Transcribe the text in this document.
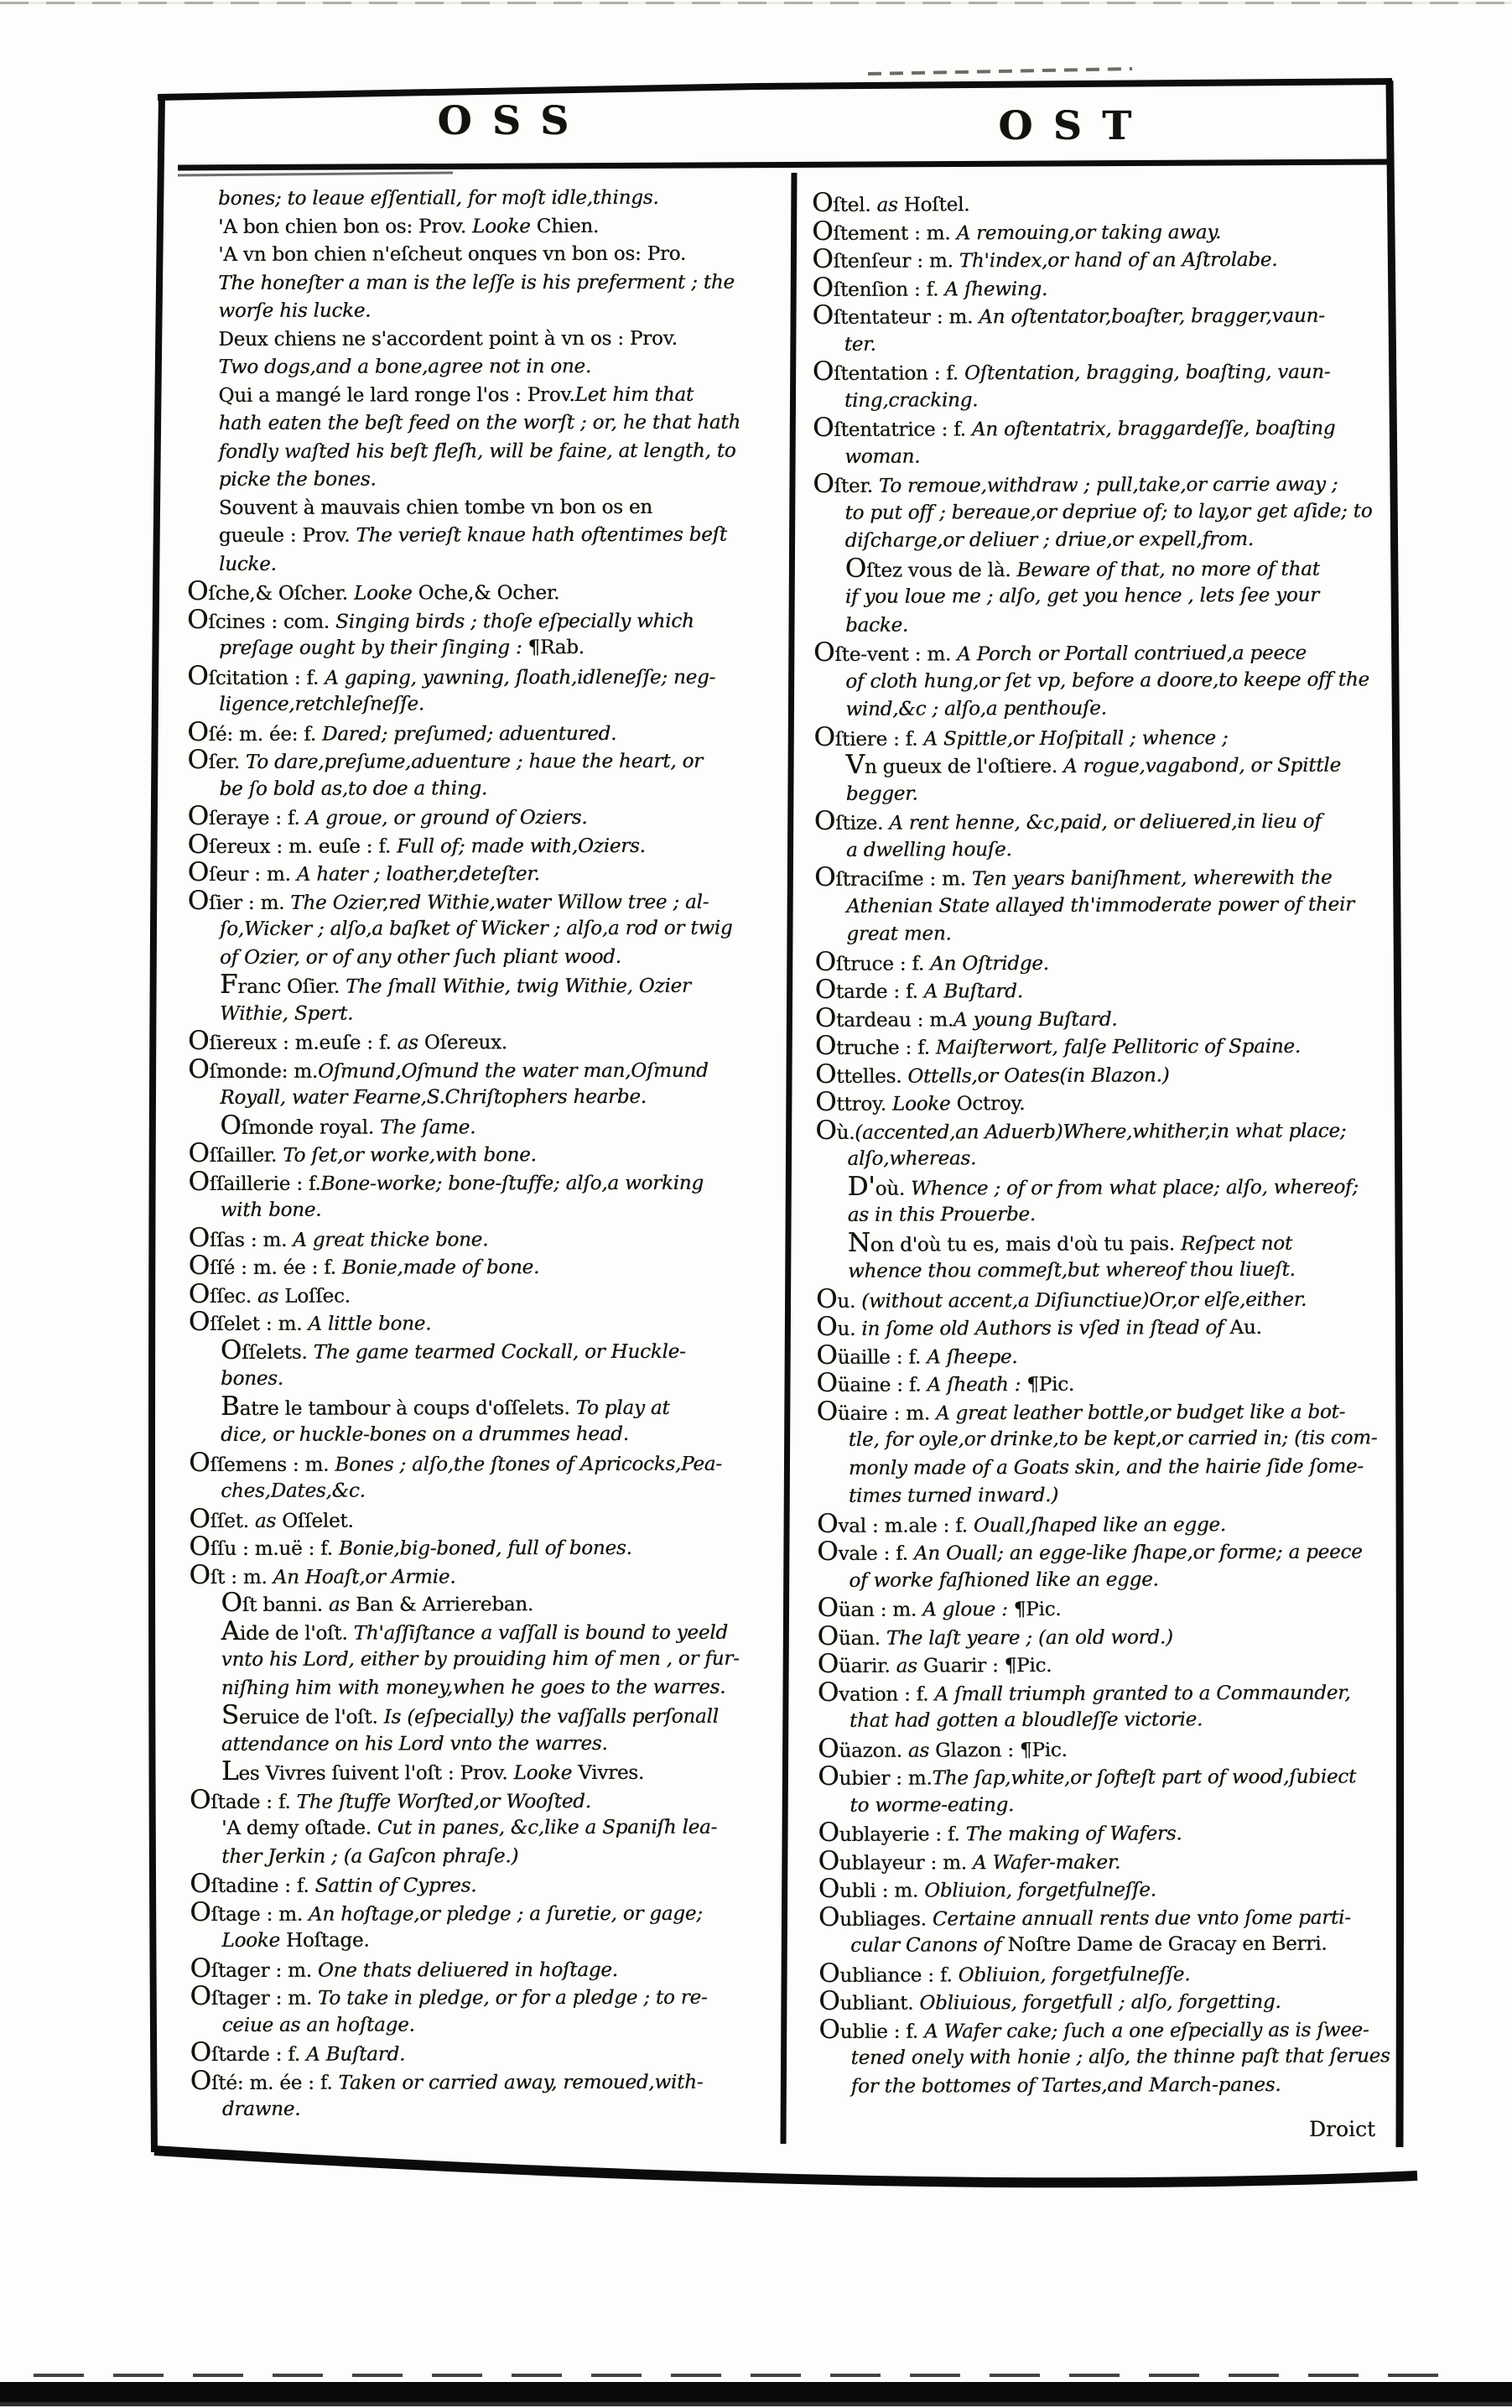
OSS	OST
bones; to leaue eſſentiall, for moſt idle,things.
'A bon chien bon os: Prov. Looke Chien.
'A vn bon chien n'eſcheut onques vn bon os: Pro.
The honeſter a man is the leſſe is his preferment ; the
worſe his lucke.
Deux chiens ne s'accordent point à vn os : Prov.
Two dogs,and a bone,agree not in one.
Qui a mangé le lard ronge l'os : Prov.Let him that
hath eaten the beſt feed on the worſt ; or, he that hath
fondly waſted his beſt fleſh, will be faine, at length, to
picke the bones.
Souvent à mauvais chien tombe vn bon os en
gueule : Prov. The verieſt knaue hath oftentimes beſt
lucke.
Oſche,& Oſcher. Looke Oche,& Ocher.
Oſcines : com. Singing birds ; thoſe eſpecially which
preſage ought by their ſinging : ¶Rab.
Oſcitation : f. A gaping, yawning, ſloath,idleneſſe; neg-
ligence,retchleſneſſe.
Oſé: m. ée: f. Dared; preſumed; aduentured.
Oſer. To dare,preſume,aduenture ; haue the heart, or
be ſo bold as,to doe a thing.
Oſeraye : f. A groue, or ground of Oziers.
Oſereux : m. euſe : f. Full of; made with,Oziers.
Oſeur : m. A hater ; loather,deteſter.
Oſier : m. The Ozier,red Withie,water Willow tree ; al-
ſo,Wicker ; alſo,a baſket of Wicker ; alſo,a rod or twig
of Ozier, or of any other ſuch pliant wood.
Franc Oſier. The ſmall Withie, twig Withie, Ozier
Withie, Spert.
Oſiereux : m.euſe : f. as Oſereux.
Oſmonde: m.Oſmund,Oſmund the water man,Oſmund
Royall, water Fearne,S.Chriſtophers hearbe.
Oſmonde royal. The ſame.
Oſſailler. To ſet,or worke,with bone.
Oſſaillerie : f.Bone-worke; bone-ſtuffe; alſo,a working
with bone.
Oſſas : m. A great thicke bone.
Oſſé : m. ée : f. Bonie,made of bone.
Oſſec. as Loſſec.
Oſſelet : m. A little bone.
Oſſelets. The game tearmed Cockall, or Huckle-
bones.
Batre le tambour à coups d'oſſelets. To play at
dice, or huckle-bones on a drummes head.
Oſſemens : m. Bones ; alſo,the ſtones of Apricocks,Pea-
ches,Dates,&c.
Oſſet. as Oſſelet.
Oſſu : m.uë : f. Bonie,big-boned, full of bones.
Oſt : m. An Hoaſt,or Armie.
Oſt banni. as Ban & Arriereban.
Aide de l'oſt. Th'aſſiſtance a vaſſall is bound to yeeld
vnto his Lord, either by prouiding him of men , or fur-
niſhing him with money,when he goes to the warres.
Seruice de l'oſt. Is (eſpecially) the vaſſalls perſonall
attendance on his Lord vnto the warres.
Les Vivres ſuivent l'oſt : Prov. Looke Vivres.
Oſtade : f. The ſtuffe Worſted,or Wooſted.
'A demy oſtade. Cut in panes, &c,like a Spaniſh lea-
ther Jerkin ; (a Gaſcon phraſe.)
Oſtadine : f. Sattin of Cypres.
Oſtage : m. An hoſtage,or pledge ; a ſuretie, or gage;
Looke Hoſtage.
Oſtager : m. One thats deliuered in hoſtage.
Oſtager : m. To take in pledge, or for a pledge ; to re-
ceiue as an hoſtage.
Oſtarde : f. A Buſtard.
Oſté: m. ée : f. Taken or carried away, remoued,with-
drawne.
Oſtel. as Hoſtel.
Oſtement : m. A remouing,or taking away.
Oſtenſeur : m. Th'index,or hand of an Aſtrolabe.
Oſtenſion : f. A ſhewing.
Oſtentateur : m. An oſtentator,boaſter, bragger,vaun-
ter.
Oſtentation : f. Oſtentation, bragging, boaſting, vaun-
ting,cracking.
Oſtentatrice : f. An oſtentatrix, braggardeſſe, boaſting
woman.
Oſter. To remoue,withdraw ; pull,take,or carrie away ;
to put off ; bereaue,or depriue of; to lay,or get aſide; to
diſcharge,or deliuer ; driue,or expell,from.
Oſtez vous de là. Beware of that, no more of that
if you loue me ; alſo, get you hence , lets ſee your
backe.
Oſte-vent : m. A Porch or Portall contriued,a peece
of cloth hung,or ſet vp, before a doore,to keepe off the
wind,&c ; alſo,a penthouſe.
Oſtiere : f. A Spittle,or Hoſpitall ; whence ;
Vn gueux de l'oſtiere. A rogue,vagabond, or Spittle
begger.
Oſtize. A rent henne, &c,paid, or deliuered,in lieu of
a dwelling houſe.
Oſtraciſme : m. Ten years baniſhment, wherewith the
Athenian State allayed th'immoderate power of their
great men.
Oſtruce : f. An Oſtridge.
Otarde : f. A Buſtard.
Otardeau : m.A young Buſtard.
Otruche : f. Maiſterwort, falſe Pellitoric of Spaine.
Ottelles. Ottells,or Oates(in Blazon.)
Ottroy. Looke Octroy.
Où.(accented,an Aduerb)Where,whither,in what place;
alſo,whereas.
D'où. Whence ; of or from what place; alſo, whereof;
as in this Prouerbe.
Non d'où tu es, mais d'où tu pais. Reſpect not
whence thou commeſt,but whereof thou liueſt.
Ou. (without accent,a Diſiunctiue)Or,or elſe,either.
Ou. in ſome old Authors is vſed in ſtead of Au.
Oüaille : f. A ſheepe.
Oüaine : f. A ſheath : ¶Pic.
Oüaire : m. A great leather bottle,or budget like a bot-
tle, for oyle,or drinke,to be kept,or carried in; (tis com-
monly made of a Goats skin, and the hairie ſide ſome-
times turned inward.)
Oval : m.ale : f. Ouall,ſhaped like an egge.
Ovale : f. An Ouall; an egge-like ſhape,or forme; a peece
of worke faſhioned like an egge.
Oüan : m. A gloue : ¶Pic.
Oüan. The laſt yeare ; (an old word.)
Oüarir. as Guarir : ¶Pic.
Ovation : f. A ſmall triumph granted to a Commaunder,
that had gotten a bloudleſſe victorie.
Oüazon. as Glazon : ¶Pic.
Oubier : m.The ſap,white,or ſofteſt part of wood,ſubiect
to worme-eating.
Oublayerie : f. The making of Wafers.
Oublayeur : m. A Wafer-maker.
Oubli : m. Obliuion, forgetfulneſſe.
Oubliages. Certaine annuall rents due vnto ſome parti-
cular Canons of Noſtre Dame de Gracay en Berri.
Oubliance : f. Obliuion, forgetfulneſſe.
Oubliant. Obliuious, forgetfull ; alſo, forgetting.
Oublie : f. A Wafer cake; ſuch a one eſpecially as is ſwee-
tened onely with honie ; alſo, the thinne paſt that ſerues
for the bottomes of Tartes,and March-panes.
Droict
